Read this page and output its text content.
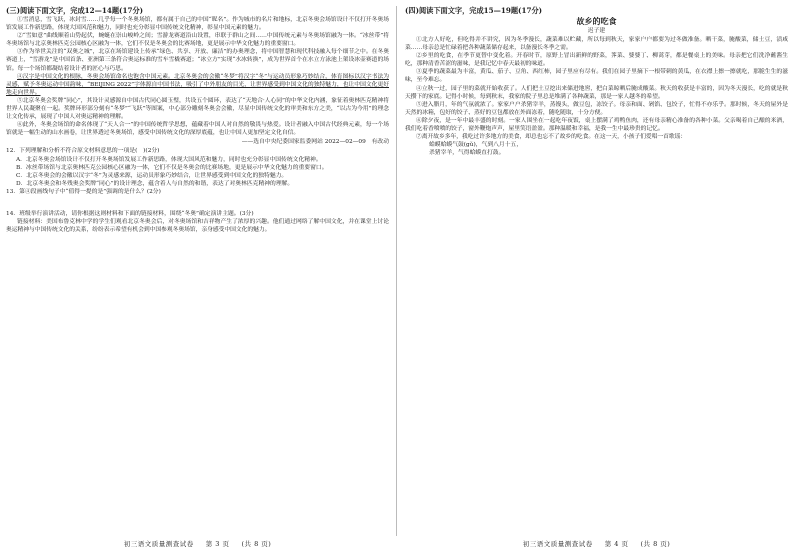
(三)阅读下面文字，完成12—14题(17分)

①雪消息，雪飞跃，冰封雪……几乎每一个冬奥场馆，都有属于自己的中国“昵名”。作为城市的名片和地标，北京冬奥会场馆设计不仅打开冬奥场馆发展工作新思路，体现大国风范和魅力，同时也充分彰显中国传统文化精神，彰显中国元素的魅力。

②“雪如意”曲线顺着山势起伏，蜿蜒在崇山峻岭之间；雪游龙赛道沿山设置，串联于群山之间……中国传统元素与冬奥场馆融为一体。“冰丝带”将冬奥场馆与北京奥林匹克公园核心区融为一体，它们不仅是冬奥会的比赛场地，更是展示中华文化魅力的重要窗口。

③作为举世关注的“双奥之城”，北京在场馆建设上传承“绿色、共享、开放、廉洁”的办奥理念，将中国智慧和现代科技融入每个细节之中。在冬奥赛道上，“雪游龙”是中国首条、亚洲第三条符合奥运标准的雪车雪橇赛道；“冰立方”实现“水冰转换”，成为世界首个在水立方泳池上架设冰壶赛道的场馆。每一个场馆都凝结着设计者的匠心与巧思。

④汉字是中国文化的根脉，冬奥会场馆命名也饱含中国元素。北京冬奥会的会徽“冬梦”将汉字“冬”与运动员形象巧妙结合，体育图标以汉字书法为灵感，赋予冬奥运动中国韵味，“BEIJING 2022”字体源自中国书法，吸引了中外朋友的目光，让世界感受到中国文化的独特魅力，也让中国文化更好地走向世界。

⑤北京冬奥会奖牌“同心”，其设计灵感源自中国古代同心圆玉璧，共设五个圆环，表达了“天地合·人心同”的中华文化内涵，象征着奥林匹克精神将世界人民凝聚在一起。奖牌环形部分刻有“冬梦”“飞跃”等图案，中心部分雕刻冬奥会会徽，尽显中国传统文化的审美和东方之美，“以古为今用”的理念让文化传承，展现了中国人对奥运精神的理解。

⑥此外，冬奥会场馆的命名体现了“天人合一”的中国传统哲学思想，蕴藏着中国人对自然的敬畏与热爱。设计者融入中国古代经典元素，每一个场馆就是一幅生动的山水画卷，让世界透过冬奥场馆，感受中国传统文化的深厚底蕴，也让中国人更加坚定文化自信。

——选自中央纪委国家监委网站 2022—02—09　有改动

12．下列理解和分析不符合原文材料意思的一项是(　)(2分)

A．北京冬奥会场馆设计不仅打开冬奥场馆发展工作新思路，体现大国风范和魅力，同时也充分彰显中国传统文化精神。

B．冰丝带场馆与北京奥林匹克公园核心区融为一体，它们不仅是冬奥会的比赛场地，更是展示中华文化魅力的重要窗口。

C．北京冬奥会的会徽以汉字“冬”为灵感来源，运动员形象巧妙结合，让世界感受到中国文化的独特魅力。

D．北京冬奥会和冬残奥会奖牌“同心”的设计理念，蕴含着人与自然的和谐，表达了对奥林匹克精神的理解。

13．第④段画线句子中“值得一提的是”强调的是什么？(2分)

14．班级举行演讲活动，请你根据这则材料和下面的链接材料，围绕“冬奥”确定演讲主题。(3分)

链接材料：美国布鲁克林中学的学生们观看北京冬奥会后，对冬奥场馆和吉祥物产生了浓厚的兴趣。他们通过网络了解中国文化，并在课堂上讨论奥运精神与中国传统文化的关系，纷纷表示希望有机会到中国参观冬奥场馆，亲身感受中国文化的魅力。

(四)阅读下面文字，完成15—19题(17分)

故乡的吃食

迟子建

①北方人好吃，但吃得并不讲究，因为冬季漫长，蔬菜难以贮藏，所以每到秋天，家家户户都要为过冬做准备。晒干菜，腌酸菜，储土豆，渍咸菜……母亲总是忙碌着把各种蔬菜储存起来，以备漫长冬季之需。

②乡里的吃食，在季节更替中变化着。开春时节，原野上冒出新鲜的野菜，荠菜、婆婆丁、柳蒿芽，都是餐桌上的美味。母亲把它们洗净蘸酱生吃，那种清香苦涩的滋味，是我记忆中春天最初的味道。

③夏季的蔬菜最为丰富，黄瓜、茄子、豆角、西红柿，园子里应有尽有。我们在园子里摘下一根带刺的黄瓜，在衣襟上擦一擦就吃，那脆生生的滋味，至今难忘。

④立秋一过，园子里的菜就开始收获了。人们把土豆挖出来储进地窖，把白菜晾晒后腌成酸菜。秋天的收获是丰富的，因为冬天漫长，吃的就是秋天攒下的家底。记得小时候，每到秋末，我家的院子里总是堆满了各种蔬菜，那是一家人越冬的希望。

⑤进入腊月，年的气氛就浓了。家家户户杀猪宰羊，蒸馒头，做豆包，冻饺子。母亲和面、剁馅、包饺子，忙得不亦乐乎。那时候，冬天的屋外是天然的冰箱，包好的饺子、蒸好的豆包都放在外面冻着，随吃随取，十分方便。

⑥除夕夜，是一年中最丰盛的时刻。一家人围坐在一起吃年夜饭，桌上摆满了鸡鸭鱼肉，还有母亲精心准备的各种小菜。父亲喝着自己酿的米酒，我们吃着香喷喷的饺子，窗外鞭炮声声，屋里笑语盈盈。那种温暖和幸福，是我一生中最珍贵的记忆。

⑦离开故乡多年，我吃过许多地方的美食，却总也忘不了故乡的吃食。在这一天，小孩子们爱唱一首歌谣：

蛤蟆蛤蟆气鼓(gǔ)，气到八月十五，

杀猪宰羊，气得蛤蟆直打鼓。

初三语文质量测查试卷 第 3 页 (共 8 页)	初三语文质量测查试卷 第 4 页 (共 8 页)
